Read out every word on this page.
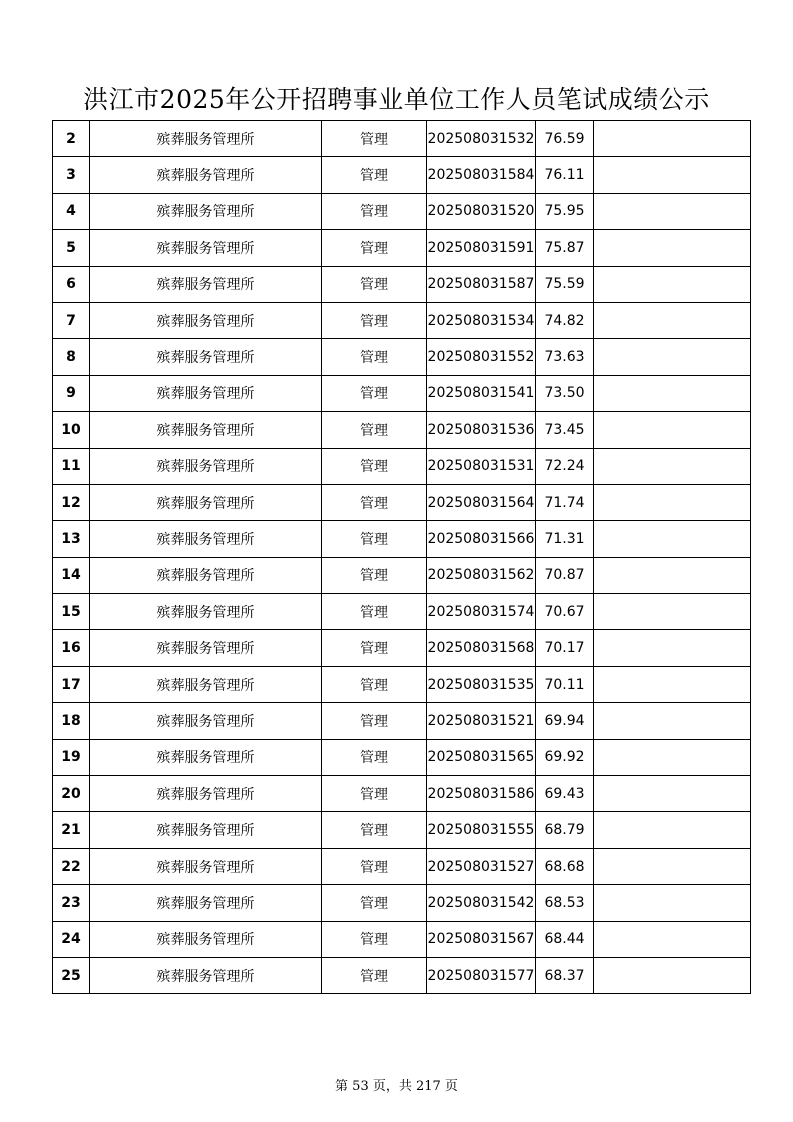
洪江市2025年公开招聘事业单位工作人员笔试成绩公示
2	殡葬服务管理所	管理	202508031532	76.59	
3	殡葬服务管理所	管理	202508031584	76.11	
4	殡葬服务管理所	管理	202508031520	75.95	
5	殡葬服务管理所	管理	202508031591	75.87	
6	殡葬服务管理所	管理	202508031587	75.59	
7	殡葬服务管理所	管理	202508031534	74.82	
8	殡葬服务管理所	管理	202508031552	73.63	
9	殡葬服务管理所	管理	202508031541	73.50	
10	殡葬服务管理所	管理	202508031536	73.45	
11	殡葬服务管理所	管理	202508031531	72.24	
12	殡葬服务管理所	管理	202508031564	71.74	
13	殡葬服务管理所	管理	202508031566	71.31	
14	殡葬服务管理所	管理	202508031562	70.87	
15	殡葬服务管理所	管理	202508031574	70.67	
16	殡葬服务管理所	管理	202508031568	70.17	
17	殡葬服务管理所	管理	202508031535	70.11	
18	殡葬服务管理所	管理	202508031521	69.94	
19	殡葬服务管理所	管理	202508031565	69.92	
20	殡葬服务管理所	管理	202508031586	69.43	
21	殡葬服务管理所	管理	202508031555	68.79	
22	殡葬服务管理所	管理	202508031527	68.68	
23	殡葬服务管理所	管理	202508031542	68.53	
24	殡葬服务管理所	管理	202508031567	68.44	
25	殡葬服务管理所	管理	202508031577	68.37	
第 53 页，共 217 页
